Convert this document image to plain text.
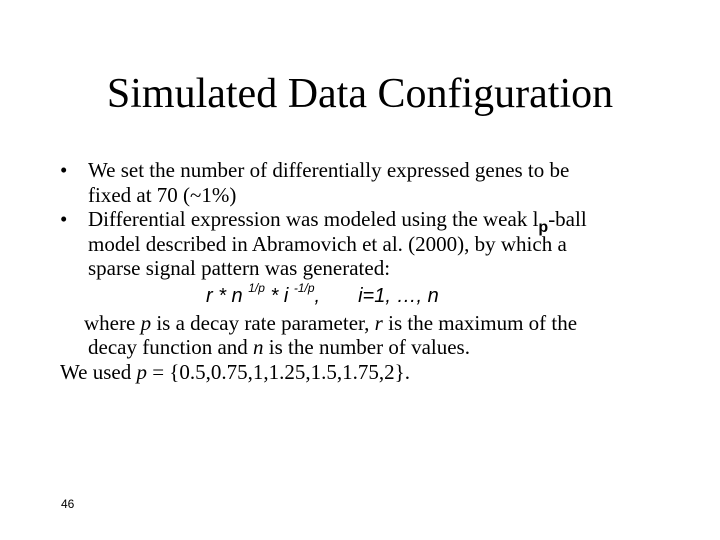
Simulated Data Configuration
• We set the number of differentially expressed genes to be
fixed at 70 (~1%)
• Differential expression was modeled using the weak $l_p$-ball
model described in Abramovich et al. (2000), by which a
sparse signal pattern was generated:
r * n $^{1/p}$ * i $^{-1/p}$, i=1, …, n
where p is a decay rate parameter, r is the maximum of the
decay function and n is the number of values.
We used p = {0.5,0.75,1,1.25,1.5,1.75,2}.
46
